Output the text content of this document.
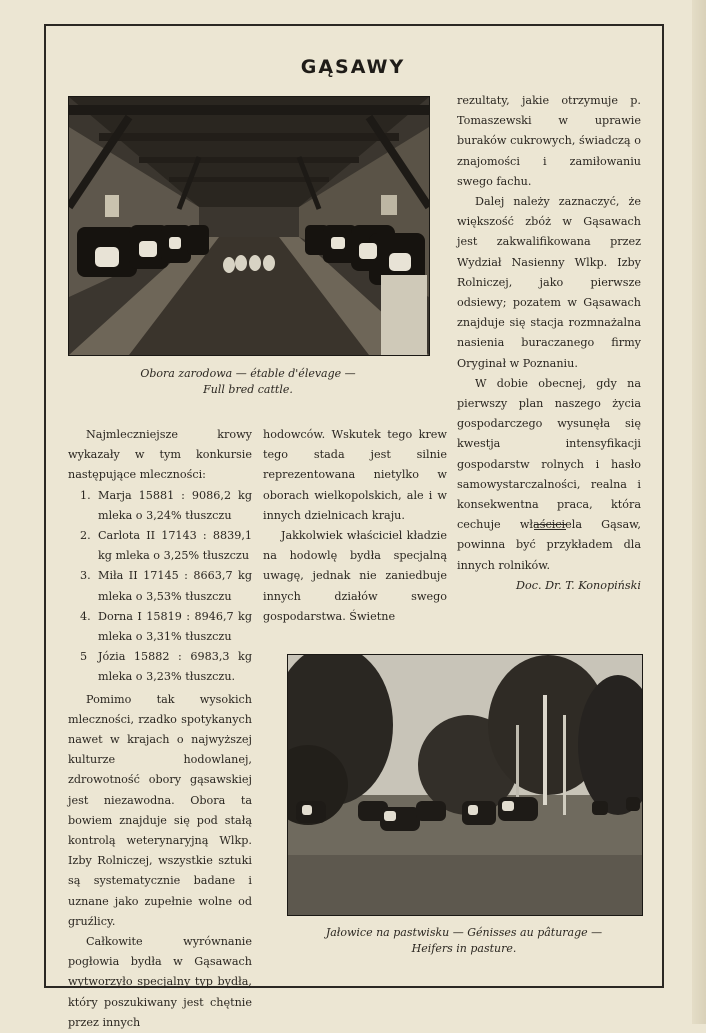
GĄSAWY
Obora zarodowa — étable d'élevage —
Full bred cattle.

Najmleczniejsze krowy wykazały w tym konkursie następujące mleczności:

1. Marja 15881 : 9086,2 kg mleka o 3,24% tłuszczu
2. Carlota II 17143 : 8839,1 kg mleka o 3,25% tłuszczu
3. Miła II 17145 : 8663,7 kg mleka o 3,53% tłuszczu
4. Dorna I 15819 : 8946,7 kg mleka o 3,31% tłuszczu
5 Józia 15882 : 6983,3 kg mleka o 3,23% tłuszczu.

Pomimo tak wysokich mleczności, rzadko spotykanych nawet w krajach o najwyższej kulturze hodowlanej, zdrowotność obory gąsawskiej jest niezawodna. Obora ta bowiem znajduje się pod stałą kontrolą weterynaryjną Wlkp. Izby Rolniczej, wszystkie sztuki są systematycznie badane i uznane jako zupełnie wolne od gruźlicy.

Całkowite wyrównanie pogłowia bydła w Gąsawach wytworzyło specjalny typ bydła, który poszukiwany jest chętnie przez innych

hodowców. Wskutek tego krew tego stada jest silnie reprezentowana nietylko w oborach wielkopolskich, ale i w innych dzielnicach kraju.

Jakkolwiek właściciel kładzie na hodowlę bydła specjalną uwagę, jednak nie zaniedbuje innych działów swego gospodarstwa. Świetne

rezultaty, jakie otrzymuje p. Tomaszewski w uprawie buraków cukrowych, świadczą o znajomości i zamiłowaniu swego fachu.

Dalej należy zaznaczyć, że większość zbóż w Gąsawach jest zakwalifikowana przez Wydział Nasienny Wlkp. Izby Rolniczej, jako pierwsze odsiewy; pozatem w Gąsawach znajduje się stacja rozmnażalna nasienia buraczanego firmy Oryginał w Poznaniu.

W dobie obecnej, gdy na pierwszy plan naszego życia gospodarczego wysunęła się kwestja intensyfikacji gospodarstw rolnych i hasło samowystarczalności, realna i konsekwentna praca, która cechuje właściciela Gąsaw, powinna być przykładem dla innych rolników.

Doc. Dr. T. Konopiński

Jałowice na pastwisku — Génisses au pâturage —
Heifers in pasture.
